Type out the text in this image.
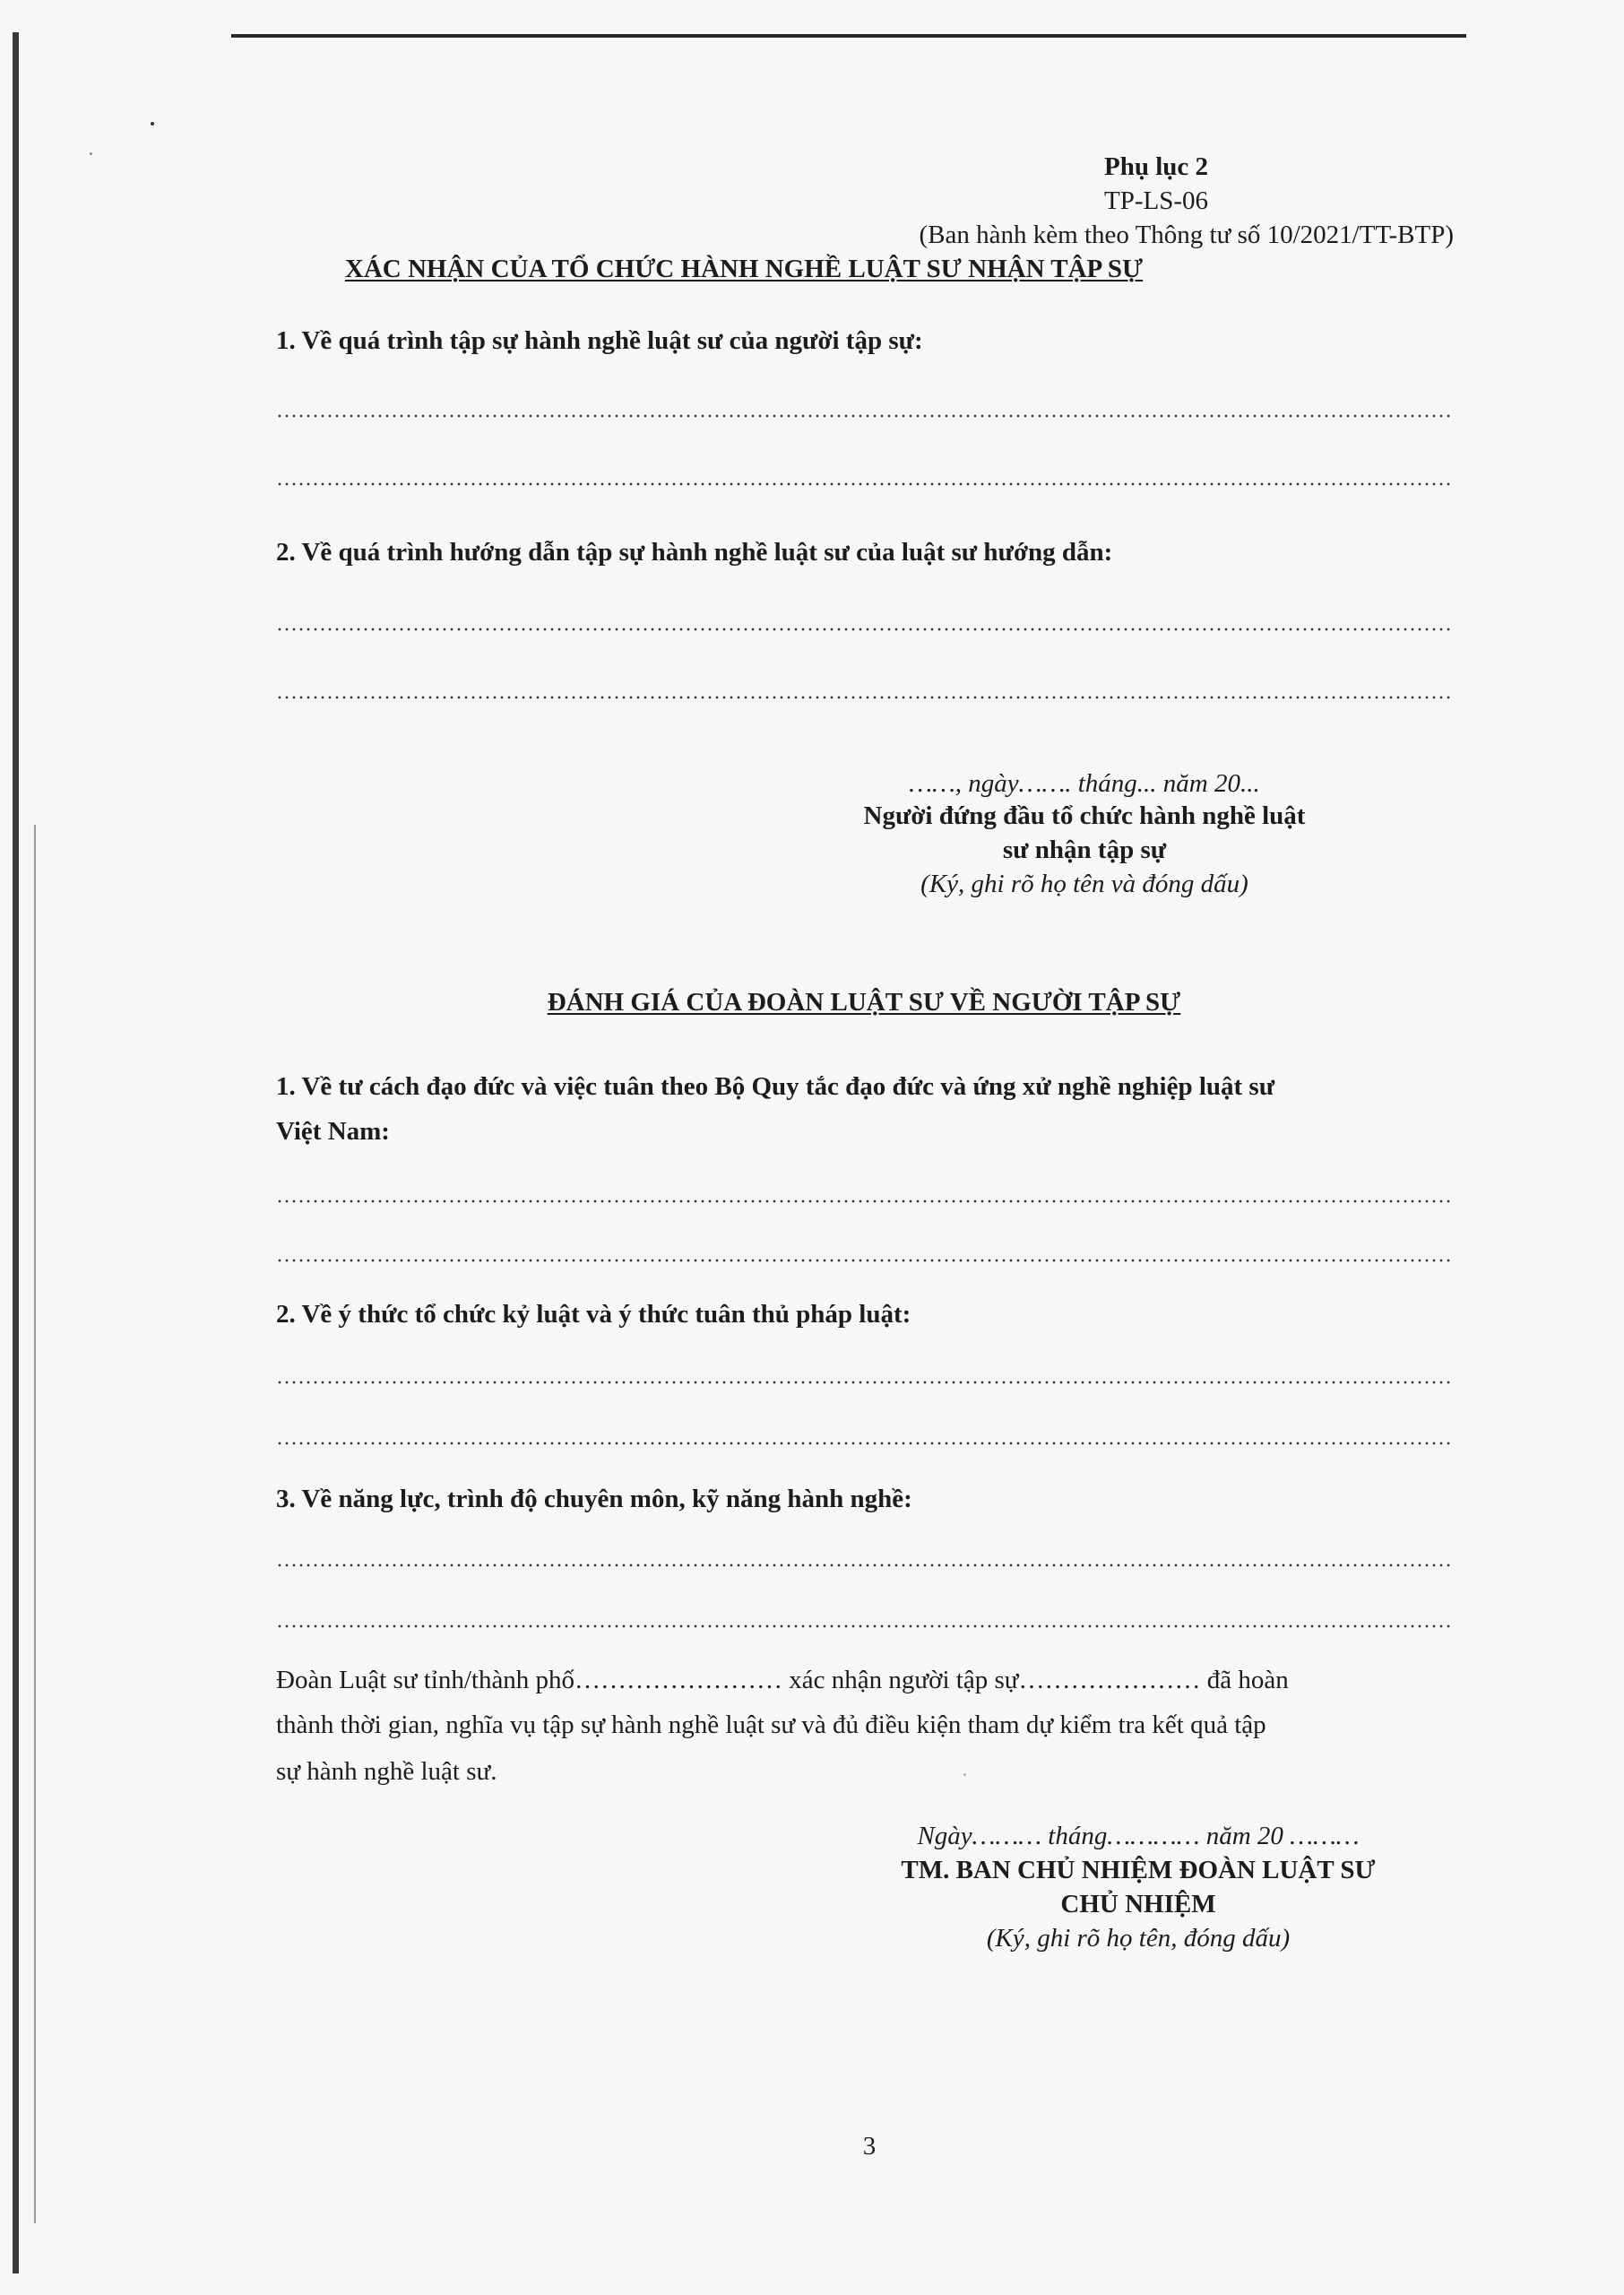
Phụ lục 2
TP-LS-06
(Ban hành kèm theo Thông tư số 10/2021/TT-BTP)
XÁC NHẬN CỦA TỔ CHỨC HÀNH NGHỀ LUẬT SƯ NHẬN TẬP SỰ
1. Về quá trình tập sự hành nghề luật sư của người tập sự:
2. Về quá trình hướng dẫn tập sự hành nghề luật sư của luật sư hướng dẫn:
……, ngày……. tháng... năm 20...
Người đứng đầu tổ chức hành nghề luật
sư nhận tập sự
(Ký, ghi rõ họ tên và đóng dấu)
ĐÁNH GIÁ CỦA ĐOÀN LUẬT SƯ VỀ NGƯỜI TẬP SỰ
1. Về tư cách đạo đức và việc tuân theo Bộ Quy tắc đạo đức và ứng xử nghề nghiệp luật sư
Việt Nam:
2. Về ý thức tổ chức kỷ luật và ý thức tuân thủ pháp luật:
3. Về năng lực, trình độ chuyên môn, kỹ năng hành nghề:
Đoàn Luật sư tỉnh/thành phố…………………… xác nhận người tập sự………………… đã hoàn
thành thời gian, nghĩa vụ tập sự hành nghề luật sư và đủ điều kiện tham dự kiểm tra kết quả tập
sự hành nghề luật sư.
Ngày……… tháng………… năm 20 ………
TM. BAN CHỦ NHIỆM ĐOÀN LUẬT SƯ
CHỦ NHIỆM
(Ký, ghi rõ họ tên, đóng dấu)
3
